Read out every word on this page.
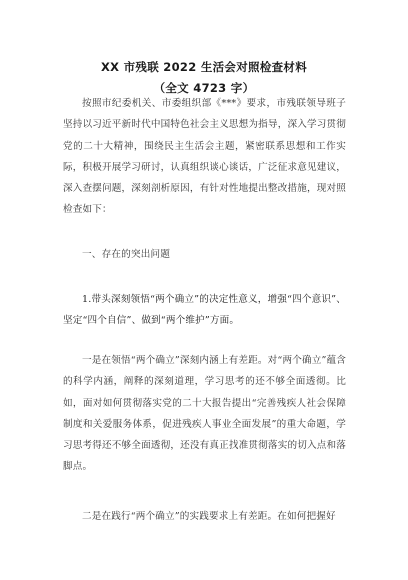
XX 市残联 2022 生活会对照检查材料
（全文 4723 字）
按照市纪委机关、市委组织部《***》要求，市残联领导班子坚持以习近平新时代中国特色社会主义思想为指导，深入学习贯彻党的二十大精神，围绕民主生活会主题，紧密联系思想和工作实际，积极开展学习研讨，认真组织谈心谈话，广泛征求意见建议，深入查摆问题，深刻剖析原因，有针对性地提出整改措施，现对照检查如下：
一、存在的突出问题
1.带头深刻领悟“两个确立”的决定性意义，增强“四个意识”、坚定“四个自信”、做到“两个维护”方面。
一是在领悟“两个确立”深刻内涵上有差距。对“两个确立”蕴含的科学内涵，阐释的深刻道理，学习思考的还不够全面透彻。比如，面对如何贯彻落实党的二十大报告提出“完善残疾人社会保障制度和关爱服务体系，促进残疾人事业全面发展”的重大命题，学习思考得还不够全面透彻，还没有真正找准贯彻落实的切入点和落脚点。
二是在践行“两个确立”的实践要求上有差距。在如何把握好
